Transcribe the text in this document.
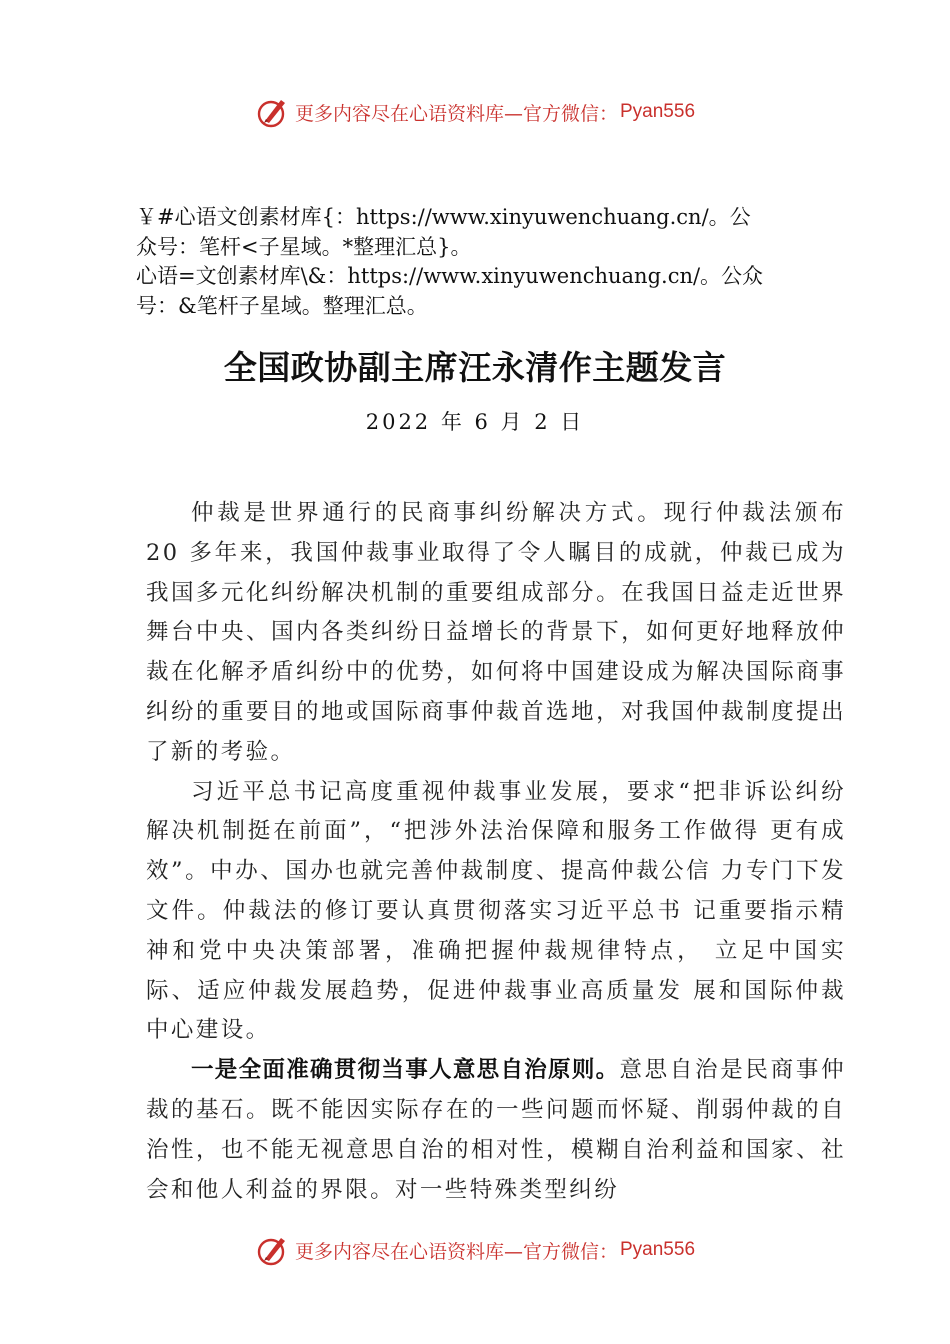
更多内容尽在心语资料库—官方微信： Pyan556

￥#心语文创素材库{：https://www.xinyuwenchuang.cn/。公

众号：笔杆<子星域。*整理汇总}。

心语=文创素材库\&：https://www.xinyuwenchuang.cn/。公众

号：&笔杆子星域。整理汇总。

全国政协副主席汪永清作主题发言
2022 年 6 月 2 日

仲裁是世界通行的民商事纠纷解决方式。现行仲裁法颁布 20 多年来，我国仲裁事业取得了令人瞩目的成就，仲裁已成为我国多元化纠纷解决机制的重要组成部分。在我国日益走近世界舞台中央、国内各类纠纷日益增长的背景下，如何更好地释放仲裁在化解矛盾纠纷中的优势，如何将中国建设成为解决国际商事纠纷的重要目的地或国际商事仲裁首选地，对我国仲裁制度提出了新的考验。

习近平总书记高度重视仲裁事业发展，要求“把非诉讼纠纷解决机制挺在前面”，“把涉外法治保障和服务工作做得 更有成效”。中办、国办也就完善仲裁制度、提高仲裁公信 力专门下发文件。仲裁法的修订要认真贯彻落实习近平总书 记重要指示精神和党中央决策部署，准确把握仲裁规律特点， 立足中国实际、适应仲裁发展趋势，促进仲裁事业高质量发 展和国际仲裁中心建设。

一是全面准确贯彻当事人意思自治原则。意思自治是民商事仲裁的基石。既不能因实际存在的一些问题而怀疑、削弱仲裁的自治性，也不能无视意思自治的相对性，模糊自治利益和国家、社会和他人利益的界限。对一些特殊类型纠纷

更多内容尽在心语资料库—官方微信： Pyan556
